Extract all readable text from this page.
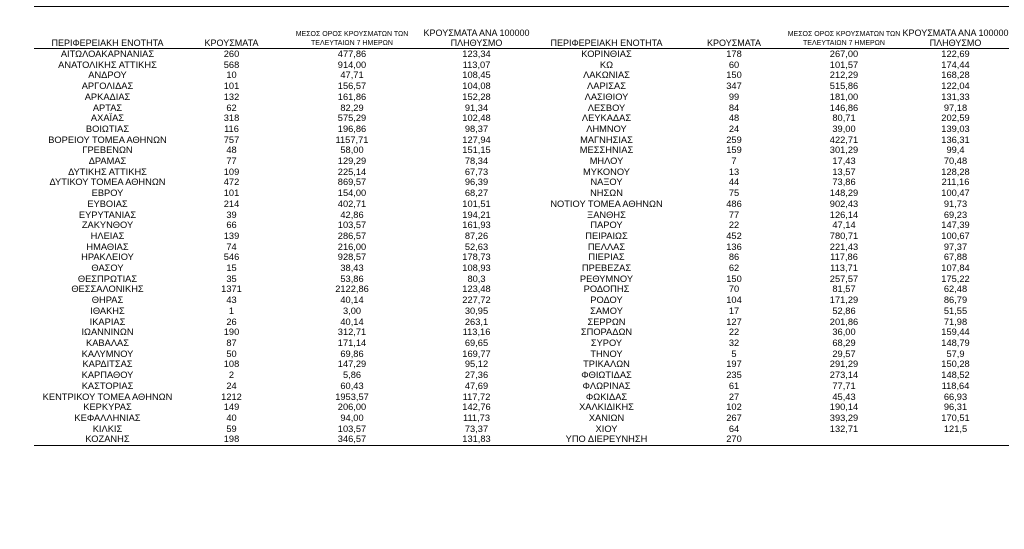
ΠΕΡΙΦΕΡΕΙΑΚΗ ΕΝΟΤΗΤΑ	ΚΡΟΥΣΜΑΤΑ	ΜΕΣΟΣ ΟΡΟΣ ΚΡΟΥΣΜΑΤΩΝ ΤΩΝ ΤΕΛΕΥΤΑΙΩΝ 7 ΗΜΕΡΩΝ	ΚΡΟΥΣΜΑΤΑ ΑΝΑ 100000 ΠΛΗΘΥΣΜΟ	ΠΕΡΙΦΕΡΕΙΑΚΗ ΕΝΟΤΗΤΑ	ΚΡΟΥΣΜΑΤΑ	ΜΕΣΟΣ ΟΡΟΣ ΚΡΟΥΣΜΑΤΩΝ ΤΩΝ ΤΕΛΕΥΤΑΙΩΝ 7 ΗΜΕΡΩΝ	ΚΡΟΥΣΜΑΤΑ ΑΝΑ 100000 ΠΛΗΘΥΣΜΟ
ΑΙΤΩΛΟΑΚΑΡΝΑΝΙΑΣ	260	477,86	123,34	ΚΟΡΙΝΘΙΑΣ	178	267,00	122,69
ΑΝΑΤΟΛΙΚΗΣ ΑΤΤΙΚΗΣ	568	914,00	113,07	ΚΩ	60	101,57	174,44
ΑΝΔΡΟΥ	10	47,71	108,45	ΛΑΚΩΝΙΑΣ	150	212,29	168,28
ΑΡΓΟΛΙΔΑΣ	101	156,57	104,08	ΛΑΡΙΣΑΣ	347	515,86	122,04
ΑΡΚΑΔΙΑΣ	132	161,86	152,28	ΛΑΣΙΘΙΟΥ	99	181,00	131,33
ΑΡΤΑΣ	62	82,29	91,34	ΛΕΣΒΟΥ	84	146,86	97,18
ΑΧΑΪΑΣ	318	575,29	102,48	ΛΕΥΚΑΔΑΣ	48	80,71	202,59
ΒΟΙΩΤΙΑΣ	116	196,86	98,37	ΛΗΜΝΟΥ	24	39,00	139,03
ΒΟΡΕΙΟΥ ΤΟΜΕΑ ΑΘΗΝΩΝ	757	1157,71	127,94	ΜΑΓΝΗΣΙΑΣ	259	422,71	136,31
ΓΡΕΒΕΝΩΝ	48	58,00	151,15	ΜΕΣΣΗΝΙΑΣ	159	301,29	99,4
ΔΡΑΜΑΣ	77	129,29	78,34	ΜΗΛΟΥ	7	17,43	70,48
ΔΥΤΙΚΗΣ ΑΤΤΙΚΗΣ	109	225,14	67,73	ΜΥΚΟΝΟΥ	13	13,57	128,28
ΔΥΤΙΚΟΥ ΤΟΜΕΑ ΑΘΗΝΩΝ	472	869,57	96,39	ΝΑΞΟΥ	44	73,86	211,16
ΕΒΡΟΥ	101	154,00	68,27	ΝΗΣΩΝ	75	148,29	100,47
ΕΥΒΟΙΑΣ	214	402,71	101,51	ΝΟΤΙΟΥ ΤΟΜΕΑ ΑΘΗΝΩΝ	486	902,43	91,73
ΕΥΡΥΤΑΝΙΑΣ	39	42,86	194,21	ΞΑΝΘΗΣ	77	126,14	69,23
ΖΑΚΥΝΘΟΥ	66	103,57	161,93	ΠΑΡΟΥ	22	47,14	147,39
ΗΛΕΙΑΣ	139	286,57	87,26	ΠΕΙΡΑΙΩΣ	452	780,71	100,67
ΗΜΑΘΙΑΣ	74	216,00	52,63	ΠΕΛΛΑΣ	136	221,43	97,37
ΗΡΑΚΛΕΙΟΥ	546	928,57	178,73	ΠΙΕΡΙΑΣ	86	117,86	67,88
ΘΑΣΟΥ	15	38,43	108,93	ΠΡΕΒΕΖΑΣ	62	113,71	107,84
ΘΕΣΠΡΩΤΙΑΣ	35	53,86	80,3	ΡΕΘΥΜΝΟΥ	150	257,57	175,22
ΘΕΣΣΑΛΟΝΙΚΗΣ	1371	2122,86	123,48	ΡΟΔΟΠΗΣ	70	81,57	62,48
ΘΗΡΑΣ	43	40,14	227,72	ΡΟΔΟΥ	104	171,29	86,79
ΙΘΑΚΗΣ	1	3,00	30,95	ΣΑΜΟΥ	17	52,86	51,55
ΙΚΑΡΙΑΣ	26	40,14	263,1	ΣΕΡΡΩΝ	127	201,86	71,98
ΙΩΑΝΝΙΝΩΝ	190	312,71	113,16	ΣΠΟΡΑΔΩΝ	22	36,00	159,44
ΚΑΒΑΛΑΣ	87	171,14	69,65	ΣΥΡΟΥ	32	68,29	148,79
ΚΑΛΥΜΝΟΥ	50	69,86	169,77	ΤΗΝΟΥ	5	29,57	57,9
ΚΑΡΔΙΤΣΑΣ	108	147,29	95,12	ΤΡΙΚΑΛΩΝ	197	291,29	150,28
ΚΑΡΠΑΘΟΥ	2	5,86	27,36	ΦΘΙΩΤΙΔΑΣ	235	273,14	148,52
ΚΑΣΤΟΡΙΑΣ	24	60,43	47,69	ΦΛΩΡΙΝΑΣ	61	77,71	118,64
ΚΕΝΤΡΙΚΟΥ ΤΟΜΕΑ ΑΘΗΝΩΝ	1212	1953,57	117,72	ΦΩΚΙΔΑΣ	27	45,43	66,93
ΚΕΡΚΥΡΑΣ	149	206,00	142,76	ΧΑΛΚΙΔΙΚΗΣ	102	190,14	96,31
ΚΕΦΑΛΛΗΝΙΑΣ	40	94,00	111,73	ΧΑΝΙΩΝ	267	393,29	170,51
ΚΙΛΚΙΣ	59	103,57	73,37	ΧΙΟΥ	64	132,71	121,5
ΚΟΖΑΝΗΣ	198	346,57	131,83	ΥΠΟ ΔΙΕΡΕΥΝΗΣΗ	270		
